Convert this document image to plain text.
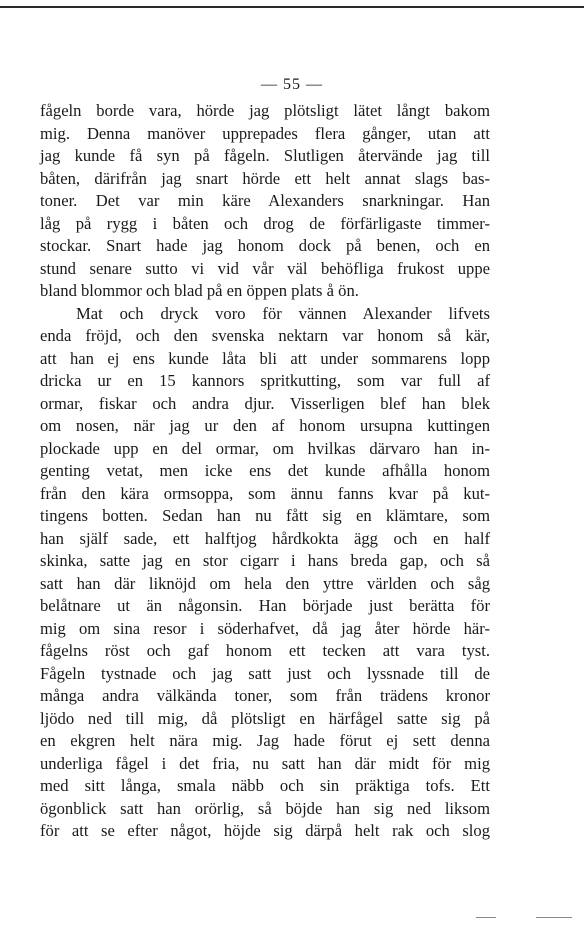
— 55 —
fågeln borde vara, hörde jag plötsligt lätet långt bakom
mig. Denna manöver upprepades flera gånger, utan att
jag kunde få syn på fågeln. Slutligen återvände jag till
båten, därifrån jag snart hörde ett helt annat slags bas-
toner. Det var min käre Alexanders snarkningar. Han
låg på rygg i båten och drog de förfärligaste timmer-
stockar. Snart hade jag honom dock på benen, och en
stund senare sutto vi vid vår väl behöfliga frukost uppe
bland blommor och blad på en öppen plats å ön.
Mat och dryck voro för vännen Alexander lifvets
enda fröjd, och den svenska nektarn var honom så kär,
att han ej ens kunde låta bli att under sommarens lopp
dricka ur en 15 kannors spritkutting, som var full af
ormar, fiskar och andra djur. Visserligen blef han blek
om nosen, när jag ur den af honom ursupna kuttingen
plockade upp en del ormar, om hvilkas därvaro han in-
genting vetat, men icke ens det kunde afhålla honom
från den kära ormsoppa, som ännu fanns kvar på kut-
tingens botten. Sedan han nu fått sig en klämtare, som
han själf sade, ett halftjog hårdkokta ägg och en half
skinka, satte jag en stor cigarr i hans breda gap, och så
satt han där liknöjd om hela den yttre världen och såg
belåtnare ut än någonsin. Han började just berätta för
mig om sina resor i söderhafvet, då jag åter hörde här-
fågelns röst och gaf honom ett tecken att vara tyst.
Fågeln tystnade och jag satt just och lyssnade till de
många andra välkända toner, som från trädens kronor
ljödo ned till mig, då plötsligt en härfågel satte sig på
en ekgren helt nära mig. Jag hade förut ej sett denna
underliga fågel i det fria, nu satt han där midt för mig
med sitt långa, smala näbb och sin präktiga tofs. Ett
ögonblick satt han orörlig, så böjde han sig ned liksom
för att se efter något, höjde sig därpå helt rak och slog
